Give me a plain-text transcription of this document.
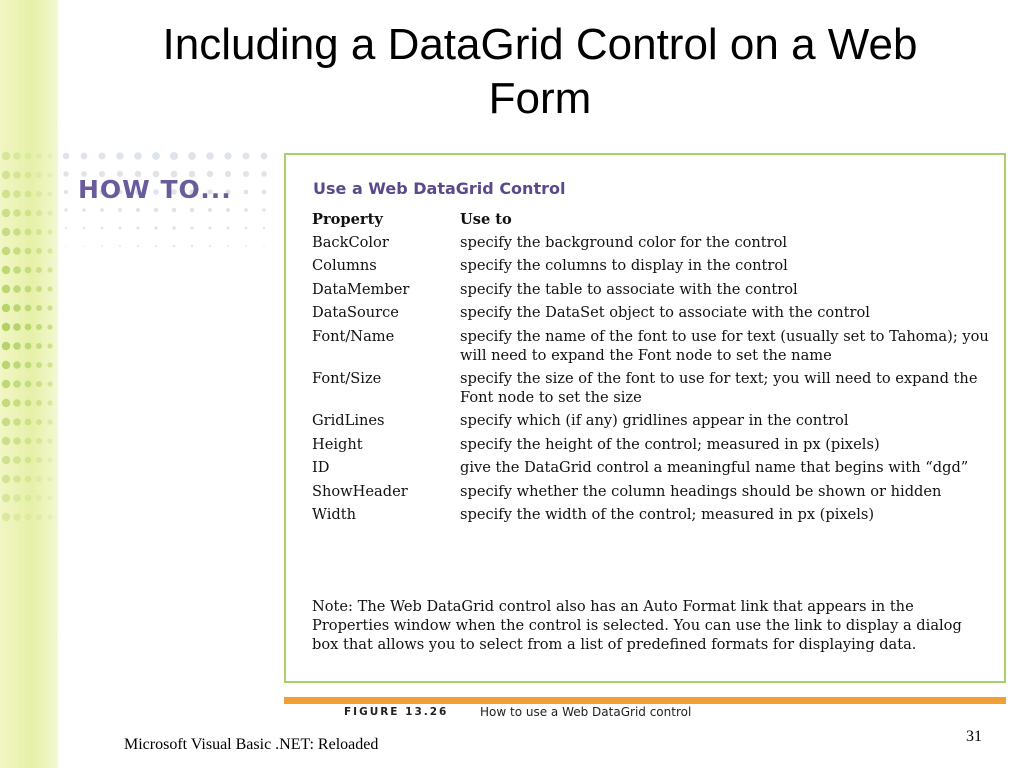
Including a DataGrid Control on a Web
Form
HOW TO...	Use a Web DataGrid Control
Property	Use to
BackColor	specify the background color for the control
Columns	specify the columns to display in the control
DataMember	specify the table to associate with the control
DataSource	specify the DataSet object to associate with the control
Font/Name	specify the name of the font to use for text (usually set to Tahoma); you will need to expand the Font node to set the name
Font/Size	specify the size of the font to use for text; you will need to expand the Font node to set the size
GridLines	specify which (if any) gridlines appear in the control
Height	specify the height of the control; measured in px (pixels)
ID	give the DataGrid control a meaningful name that begins with “dgd”
ShowHeader	specify whether the column headings should be shown or hidden
Width	specify the width of the control; measured in px (pixels)

Note: The Web DataGrid control also has an Auto Format link that appears in the Properties window when the control is selected. You can use the link to display a dialog box that allows you to select from a list of predefined formats for displaying data.

FIGURE 13.26	How to use a Web DataGrid control
Microsoft Visual Basic .NET: Reloaded	31
